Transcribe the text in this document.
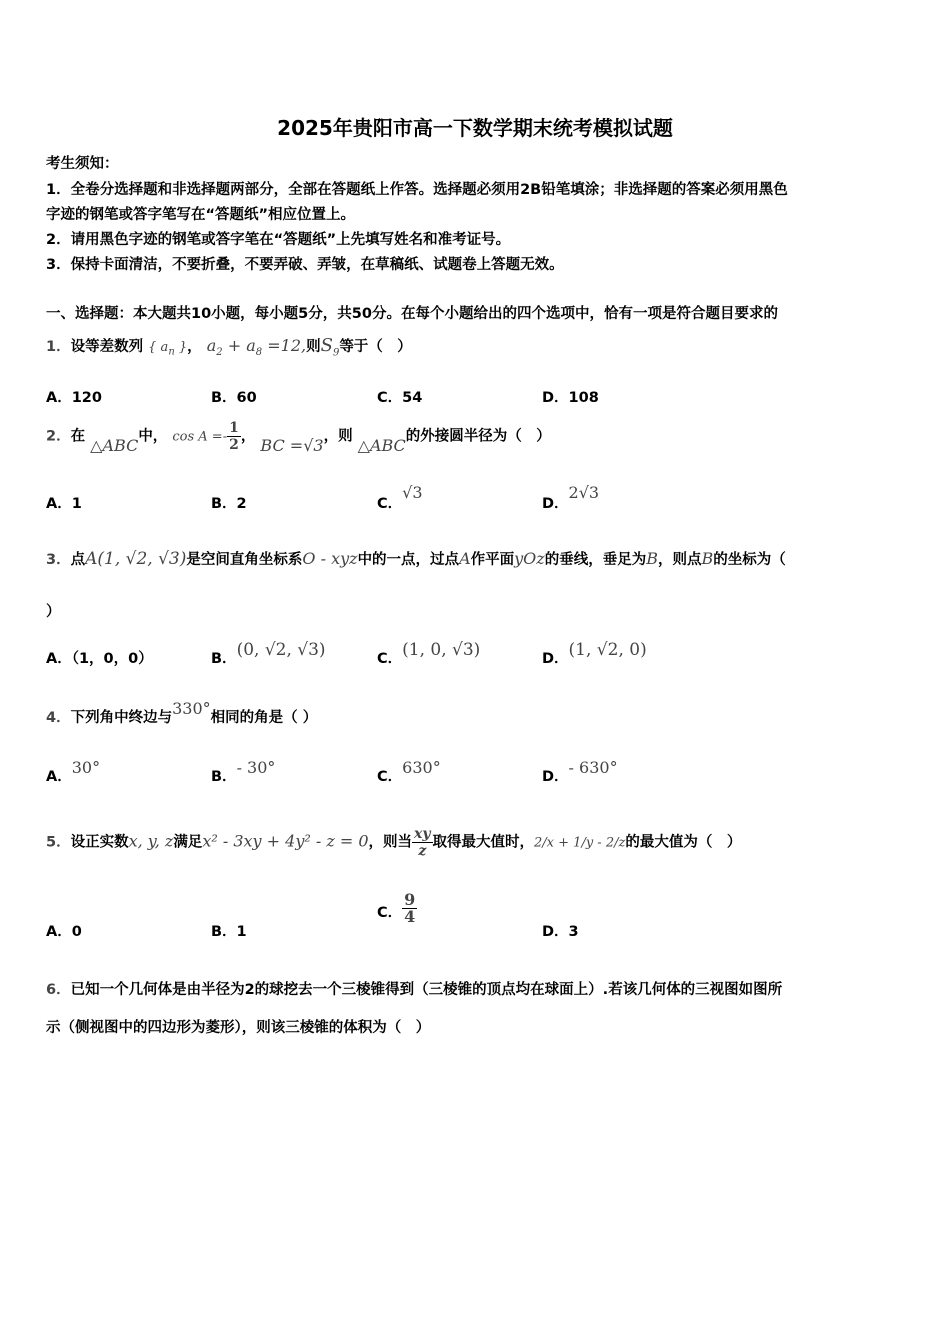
2025年贵阳市高一下数学期末统考模拟试题
考生须知：
1．全卷分选择题和非选择题两部分，全部在答题纸上作答。选择题必须用2B铅笔填涂；非选择题的答案必须用黑色
字迹的钢笔或答字笔写在“答题纸”相应位置上。
2．请用黑色字迹的钢笔或答字笔在“答题纸”上先填写姓名和准考证号。
3．保持卡面清洁，不要折叠，不要弄破、弄皱，在草稿纸、试题卷上答题无效。
一、选择题：本大题共10小题，每小题5分，共50分。在每个小题给出的四个选项中，恰有一项是符合题目要求的
1．设等差数列 { $a_n$ }， $a_2 + a_8 =12$,则$S_9$等于（　）
A．120	B．60	C．54	D．108
2．在 △ABC中， $\cos A =- \frac{1}{2}$ ， BC =√3，则 △ABC的外接圆半径为（　）
A．1	B．2	C．√3
D．2√3
3．点A(1, √2, √3)是空间直角坐标系O - xyz中的一点，过点A作平面yOz的垂线，垂足为B，则点B的坐标为（
）
A．（1，0，0）	B．(0, √2, √3)	C．(1, 0, √3)	D．(1, √2, 0)
4．下列角中终边与330°相同的角是（ ）
A．30°	B．- 30°	C．630°	D．- 630°
5．设正实数x, y, z满足x² - 3xy + 4y² - z = 0，则当 $\frac{xy}{z}$ 取得最大值时，2/x + 1/y - 2/z的最大值为（　）
A．0	B．1
C． $\frac{9}{4}$
D．3
6．已知一个几何体是由半径为2的球挖去一个三棱锥得到（三棱锥的顶点均在球面上）.若该几何体的三视图如图所
示（侧视图中的四边形为菱形），则该三棱锥的体积为（　）
